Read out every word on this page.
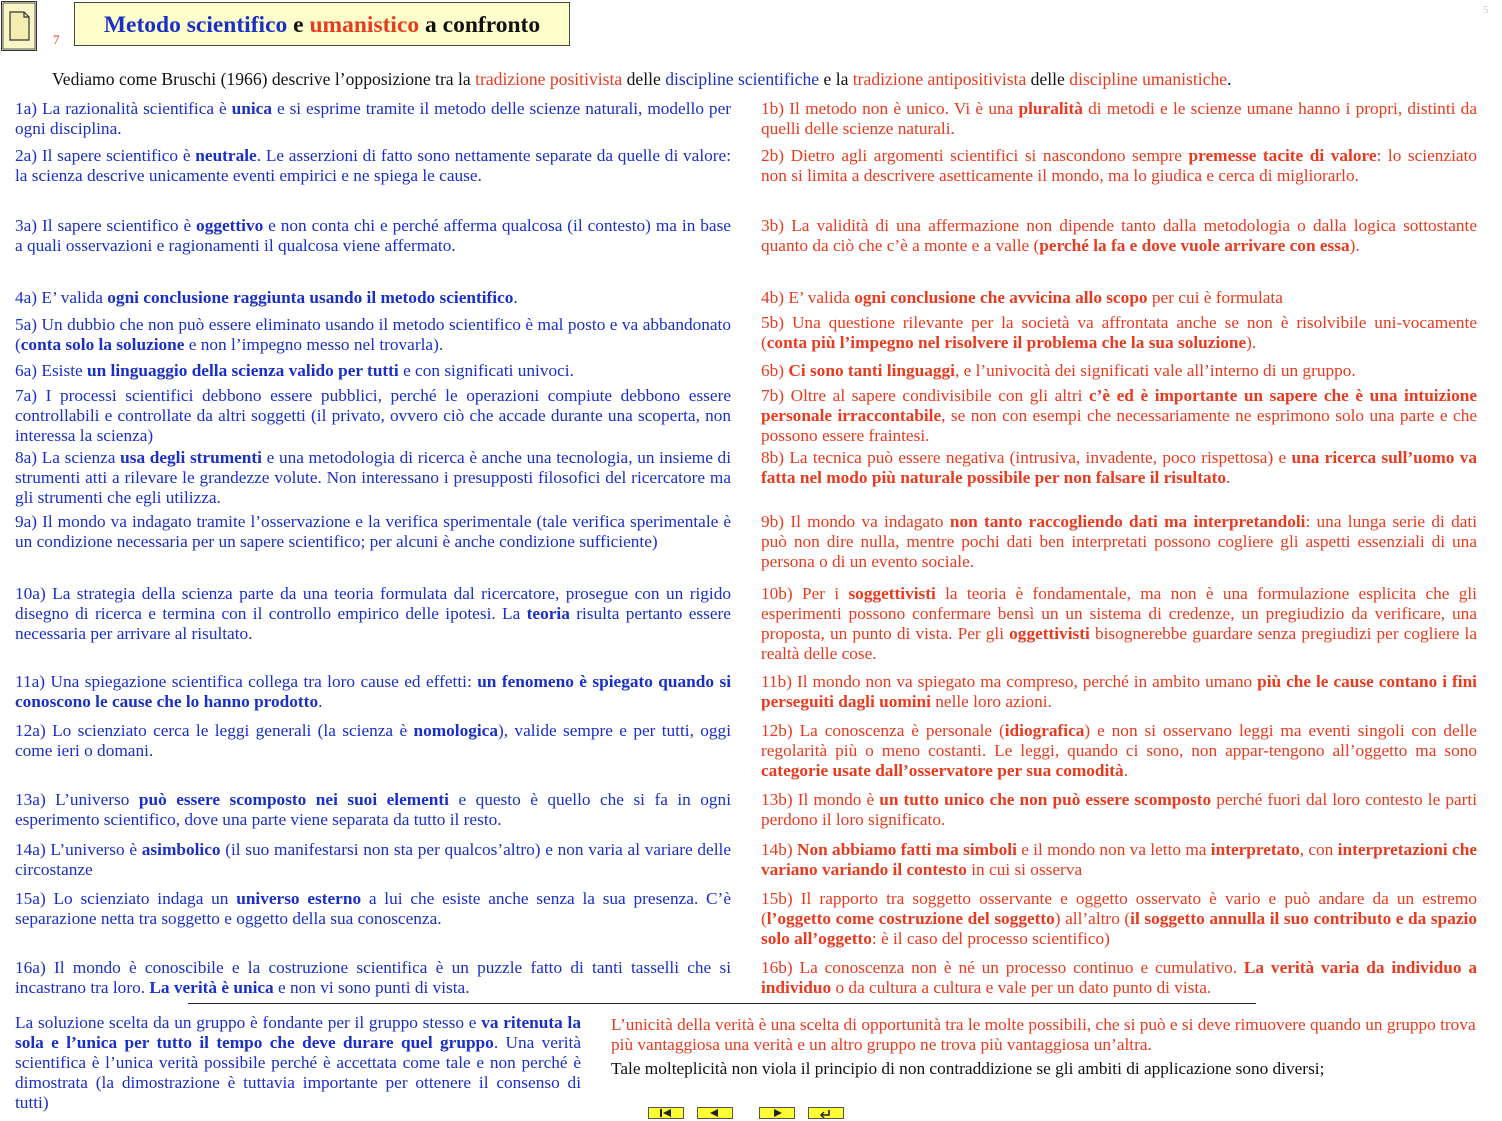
7
5
Metodo scientifico e umanistico a confronto
Vediamo come Bruschi (1966) descrive l’opposizione tra la tradizione positivista delle discipline scientifiche e la tradizione antipositivista delle discipline umanistiche.
1a) La razionalità scientifica è unica e si esprime tramite il metodo delle scienze naturali, modello per ogni disciplina.
1b) Il metodo non è unico. Vi è una pluralità di metodi e le scienze umane hanno i propri, distinti da quelli delle scienze naturali.
2a) Il sapere scientifico è neutrale. Le asserzioni di fatto sono nettamente separate da quelle di valore: la scienza descrive unicamente eventi empirici e ne spiega le cause.
2b) Dietro agli argomenti scientifici si nascondono sempre premesse tacite di valore: lo scienziato non si limita a descrivere asetticamente il mondo, ma lo giudica e cerca di migliorarlo.
3a) Il sapere scientifico è oggettivo e non conta chi e perché afferma qualcosa (il contesto) ma in base a quali osservazioni e ragionamenti il qualcosa viene affermato.
3b) La validità di una affermazione non dipende tanto dalla metodologia o dalla logica sottostante quanto da ciò che c’è a monte e a valle (perché la fa e dove vuole arrivare con essa).
4a) E’ valida ogni conclusione raggiunta usando il metodo scientifico.	4b) E’ valida ogni conclusione che avvicina allo scopo per cui è formulata
5a) Un dubbio che non può essere eliminato usando il metodo scientifico è mal posto e va abbandonato (conta solo la soluzione e non l’impegno messo nel trovarla).
5b) Una questione rilevante per la società va affrontata anche se non è risolvibile uni-vocamente (conta più l’impegno nel risolvere il problema che la sua soluzione).
6a) Esiste un linguaggio della scienza valido per tutti e con significati univoci.	6b) Ci sono tanti linguaggi, e l’univocità dei significati vale all’interno di un gruppo.
7a) I processi scientifici debbono essere pubblici, perché le operazioni compiute debbono essere controllabili e controllate da altri soggetti (il privato, ovvero ciò che accade durante una scoperta, non interessa la scienza)
7b) Oltre al sapere condivisibile con gli altri c’è ed è importante un sapere che è una intuizione personale irraccontabile, se non con esempi che necessariamente ne esprimono solo una parte e che possono essere fraintesi.
8a) La scienza usa degli strumenti e una metodologia di ricerca è anche una tecnologia, un insieme di strumenti atti a rilevare le grandezze volute. Non interessano i presupposti filosofici del ricercatore ma gli strumenti che egli utilizza.
8b) La tecnica può essere negativa (intrusiva, invadente, poco rispettosa) e una ricerca sull’uomo va fatta nel modo più naturale possibile per non falsare il risultato.
9a) Il mondo va indagato tramite l’osservazione e la verifica sperimentale (tale verifica sperimentale è un condizione necessaria per un sapere scientifico; per alcuni è anche condizione sufficiente)
9b) Il mondo va indagato non tanto raccogliendo dati ma interpretandoli: una lunga serie di dati può non dire nulla, mentre pochi dati ben interpretati possono cogliere gli aspetti essenziali di una persona o di un evento sociale.
10a) La strategia della scienza parte da una teoria formulata dal ricercatore, prosegue con un rigido disegno di ricerca e termina con il controllo empirico delle ipotesi. La teoria risulta pertanto essere necessaria per arrivare al risultato.
10b) Per i soggettivisti la teoria è fondamentale, ma non è una formulazione esplicita che gli esperimenti possono confermare bensì un un sistema di credenze, un pregiudizio da verificare, una proposta, un punto di vista. Per gli oggettivisti bisognerebbe guardare senza pregiudizi per cogliere la realtà delle cose.
11a) Una spiegazione scientifica collega tra loro cause ed effetti: un fenomeno è spiegato quando si conoscono le cause che lo hanno prodotto.
11b) Il mondo non va spiegato ma compreso, perché in ambito umano più che le cause contano i fini perseguiti dagli uomini nelle loro azioni.
12a) Lo scienziato cerca le leggi generali (la scienza è nomologica), valide sempre e per tutti, oggi come ieri o domani.
12b) La conoscenza è personale (idiografica) e non si osservano leggi ma eventi singoli con delle regolarità più o meno costanti. Le leggi, quando ci sono, non appar-tengono all’oggetto ma sono categorie usate dall’osservatore per sua comodità.
13a) L’universo può essere scomposto nei suoi elementi e questo è quello che si fa in ogni esperimento scientifico, dove una parte viene separata da tutto il resto.
13b) Il mondo è un tutto unico che non può essere scomposto perché fuori dal loro contesto le parti perdono il loro significato.
14a) L’universo è asimbolico (il suo manifestarsi non sta per qualcos’altro) e non varia al variare delle circostanze
14b) Non abbiamo fatti ma simboli e il mondo non va letto ma interpretato, con interpretazioni che variano variando il contesto in cui si osserva
15a) Lo scienziato indaga un universo esterno a lui che esiste anche senza la sua presenza. C’è separazione netta tra soggetto e oggetto della sua conoscenza.
15b) Il rapporto tra soggetto osservante e oggetto osservato è vario e può andare da un estremo (l’oggetto come costruzione del soggetto) all’altro (il soggetto annulla il suo contributo e da spazio solo all’oggetto: è il caso del processo scientifico)
16a) Il mondo è conoscibile e la costruzione scientifica è un puzzle fatto di tanti tasselli che si incastrano tra loro. La verità è unica e non vi sono punti di vista.
16b) La conoscenza non è né un processo continuo e cumulativo. La verità varia da individuo a individuo o da cultura a cultura e vale per un dato punto di vista.
La soluzione scelta da un gruppo è fondante per il gruppo stesso e va ritenuta la sola e l’unica per tutto il tempo che deve durare quel gruppo. Una verità scientifica è l’unica verità possibile perché è accettata come tale e non perché è dimostrata (la dimostrazione è tuttavia importante per ottenere il consenso di tutti)
L’unicità della verità è una scelta di opportunità tra le molte possibili, che si può e si deve rimuovere quando un gruppo trova più vantaggiosa una verità e un altro gruppo ne trova più vantaggiosa un’altra.
Tale molteplicità non viola il principio di non contraddizione se gli ambiti di applicazione sono diversi;
